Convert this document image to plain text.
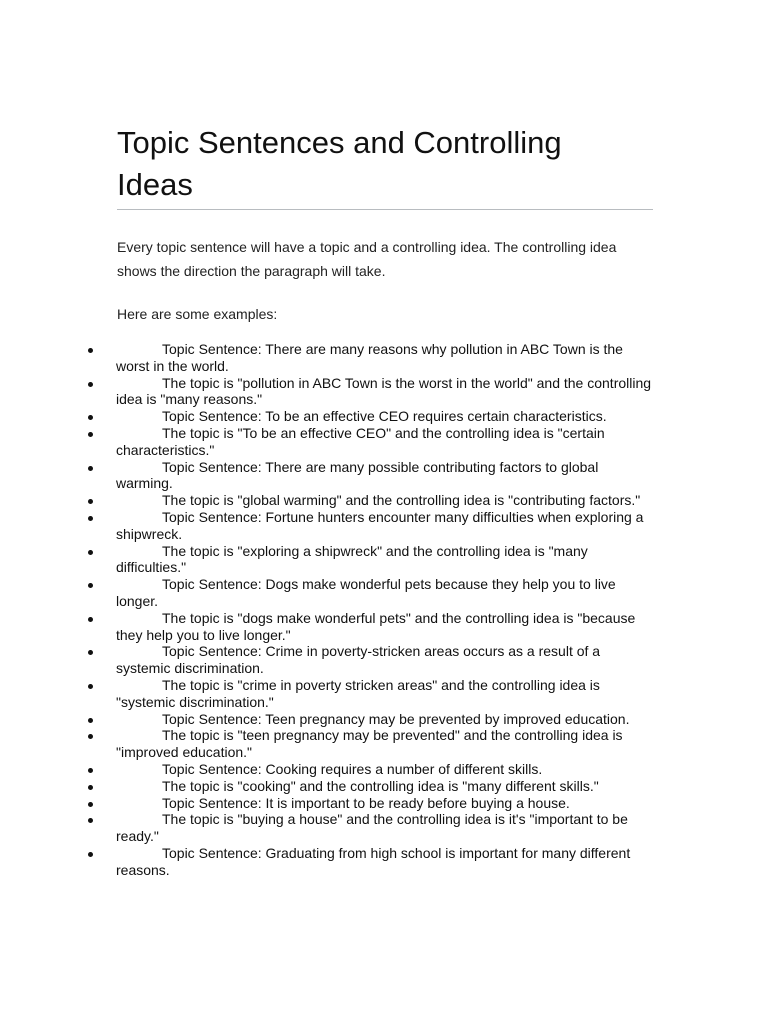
Topic Sentences and Controlling Ideas

Every topic sentence will have a topic and a controlling idea. The controlling idea shows the direction the paragraph will take.

Here are some examples:

Topic Sentence: There are many reasons why pollution in ABC Town is the worst in the world.
The topic is "pollution in ABC Town is the worst in the world" and the controlling idea is "many reasons."
Topic Sentence: To be an effective CEO requires certain characteristics.
The topic is "To be an effective CEO" and the controlling idea is "certain characteristics."
Topic Sentence: There are many possible contributing factors to global warming.
The topic is "global warming" and the controlling idea is "contributing factors."
Topic Sentence: Fortune hunters encounter many difficulties when exploring a shipwreck.
The topic is "exploring a shipwreck" and the controlling idea is "many difficulties."
Topic Sentence: Dogs make wonderful pets because they help you to live longer.
The topic is "dogs make wonderful pets" and the controlling idea is "because they help you to live longer."
Topic Sentence: Crime in poverty-stricken areas occurs as a result of a systemic discrimination.
The topic is "crime in poverty stricken areas" and the controlling idea is "systemic discrimination."
Topic Sentence: Teen pregnancy may be prevented by improved education.
The topic is "teen pregnancy may be prevented" and the controlling idea is "improved education."
Topic Sentence: Cooking requires a number of different skills.
The topic is "cooking" and the controlling idea is "many different skills."
Topic Sentence: It is important to be ready before buying a house.
The topic is "buying a house" and the controlling idea is it's "important to be ready."
Topic Sentence: Graduating from high school is important for many different reasons.
